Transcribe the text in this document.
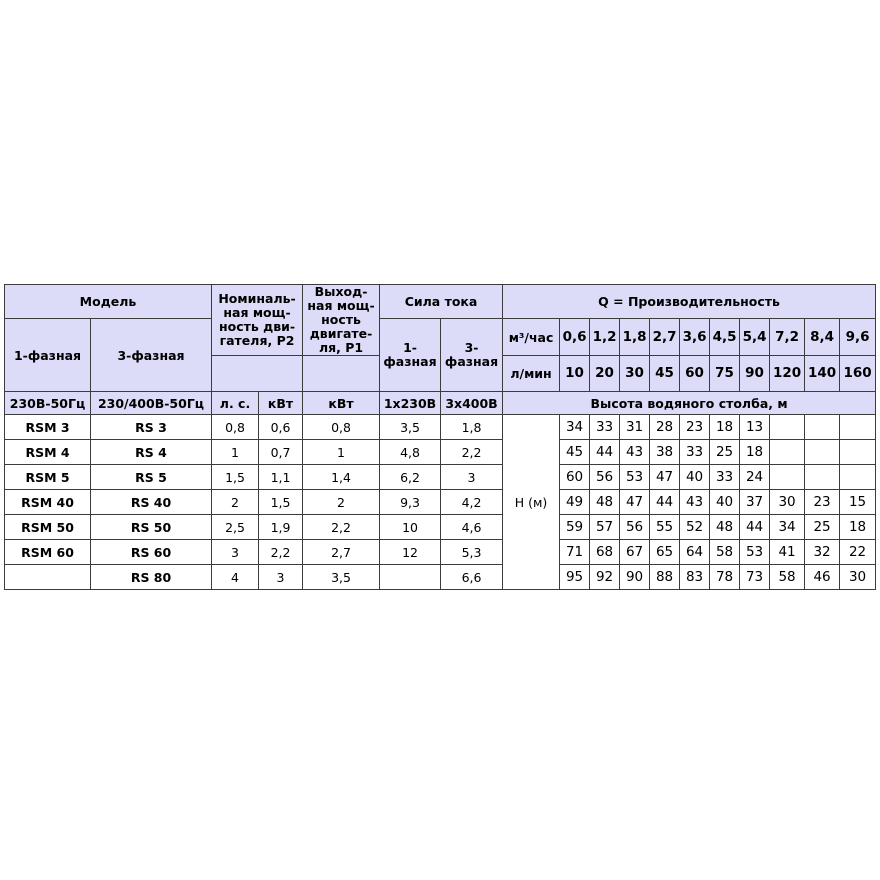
Модель		Номиналь-ная мощ-ность дви-гателя, P2		Выход-ная мощ-ность двигате-ля, P1	Сила тока		Q = Производительность										
1-фазная	3-фазная				1-фазная	3-фазная	м³/час	0,6	1,2	1,8	2,7	3,6	4,5	5,4	7,2	8,4	9,6
							л/мин	10	20	30	45	60	75	90	120	140	160
230В-50Гц	230/400В-50Гц	л. с.	кВт	кВт	1х230В	3х400В	Высота водяного столба, м										
RSM 3	RS 3	0,8	0,6	0,8	3,5	1,8	H (м)	34	33	31	28	23	18	13			
RSM 4	RS 4	1	0,7	1	4,8	2,2		45	44	43	38	33	25	18			
RSM 5	RS 5	1,5	1,1	1,4	6,2	3		60	56	53	47	40	33	24			
RSM 40	RS 40	2	1,5	2	9,3	4,2		49	48	47	44	43	40	37	30	23	15
RSM 50	RS 50	2,5	1,9	2,2	10	4,6		59	57	56	55	52	48	44	34	25	18
RSM 60	RS 60	3	2,2	2,7	12	5,3		71	68	67	65	64	58	53	41	32	22
	RS 80	4	3	3,5		6,6		95	92	90	88	83	78	73	58	46	30
